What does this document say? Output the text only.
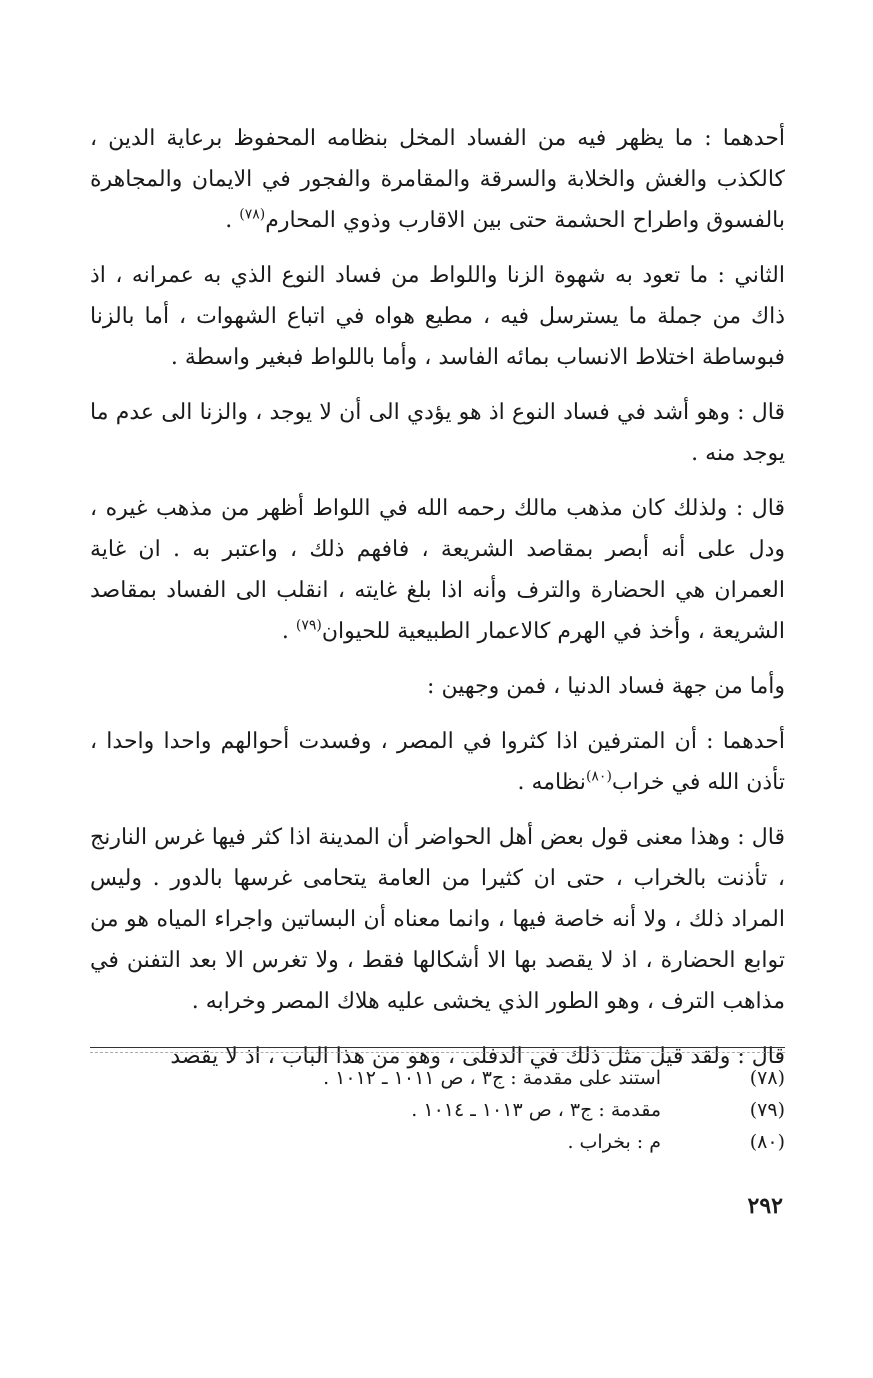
أحدهما : ما يظهر فيه من الفساد المخل بنظامه المحفوظ برعاية الدين ، كالكذب والغش والخلابة والسرقة والمقامرة والفجور في الايمان والمجاهرة بالفسوق واطراح الحشمة حتى بين الاقارب وذوي المحارم$^{(٧٨)}$ .

الثاني : ما تعود به شهوة الزنا واللواط من فساد النوع الذي به عمرانه ، اذ ذاك من جملة ما يسترسل فيه ، مطيع هواه في اتباع الشهوات ، أما بالزنا فبوساطة اختلاط الانساب بمائه الفاسد ، وأما باللواط فبغير واسطة .

قال : وهو أشد في فساد النوع اذ هو يؤدي الى أن لا يوجد ، والزنا الى عدم ما يوجد منه .

قال : ولذلك كان مذهب مالك رحمه الله في اللواط أظهر من مذهب غيره ، ودل على أنه أبصر بمقاصد الشريعة ، فافهم ذلك ، واعتبر به . ان غاية العمران هي الحضارة والترف وأنه اذا بلغ غايته ، انقلب الى الفساد بمقاصد الشريعة ، وأخذ في الهرم كالاعمار الطبيعية للحيوان$^{(٧٩)}$ .

وأما من جهة فساد الدنيا ، فمن وجهين :

أحدهما : أن المترفين اذا كثروا في المصر ، وفسدت أحوالهم واحدا واحدا ، تأذن الله في خراب$^{(٨٠)}$نظامه .

قال : وهذا معنى قول بعض أهل الحواضر أن المدينة اذا كثر فيها غرس النارنج ، تأذنت بالخراب ، حتى ان كثيرا من العامة يتحامى غرسها بالدور . وليس المراد ذلك ، ولا أنه خاصة فيها ، وانما معناه أن البساتين واجراء المياه هو من توابع الحضارة ، اذ لا يقصد بها الا أشكالها فقط ، ولا تغرس الا بعد التفنن في مذاهب الترف ، وهو الطور الذي يخشى عليه هلاك المصر وخرابه .

قال : ولقد قيل مثل ذلك في الدفلى ، وهو من هذا الباب ، اذ لا يقصد

(٧٨)
استند على مقدمة : ج٣ ، ص ١٠١١ ـ ١٠١٢ .
(٧٩)
مقدمة : ج٣ ، ص ١٠١٣ ـ ١٠١٤ .
(٨٠)
م : بخراب .
٢٩٢
